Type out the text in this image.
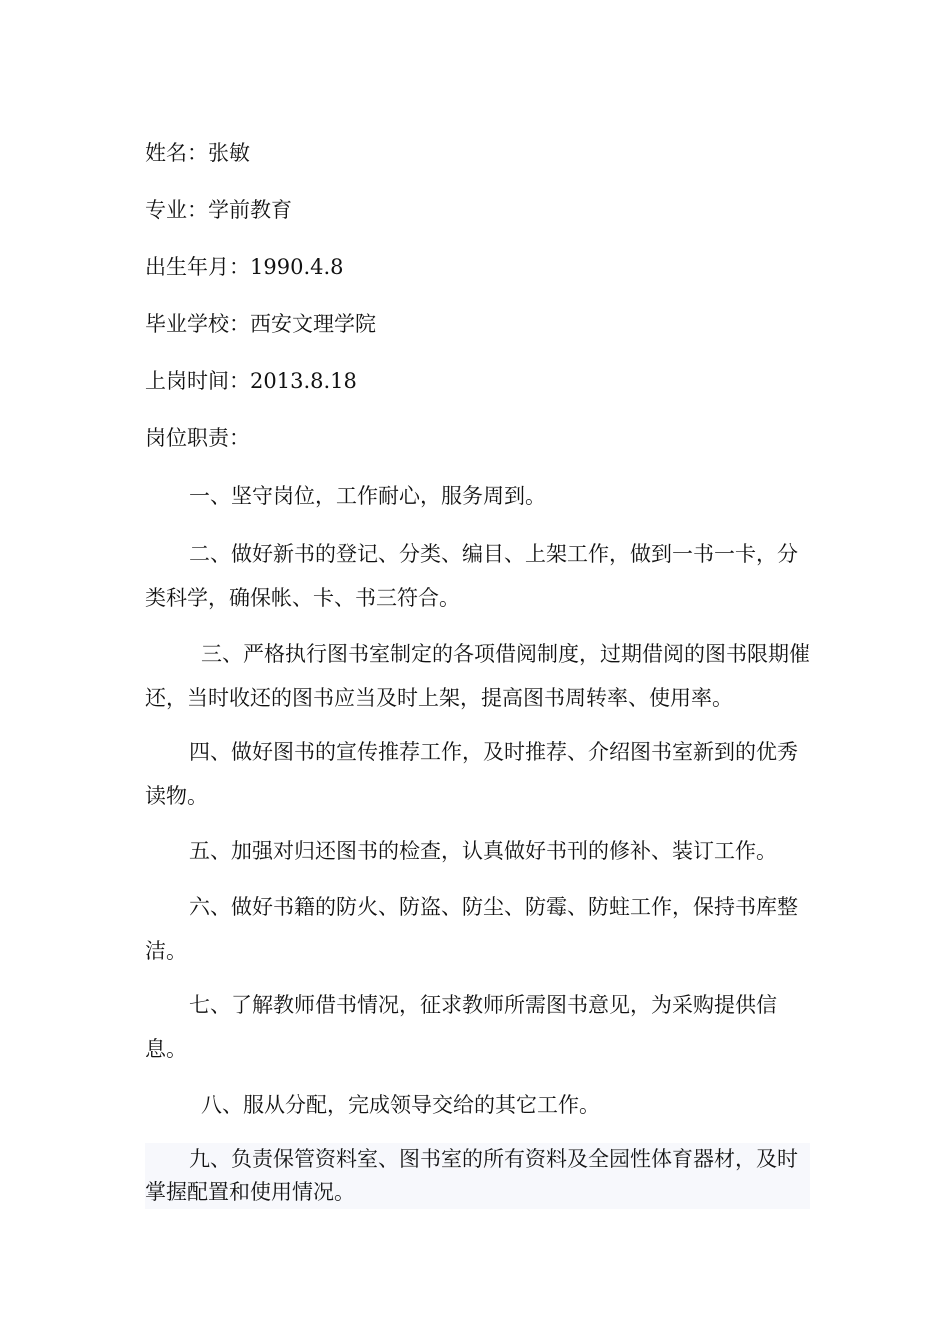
姓名：张敏
专业：学前教育
出生年月：1990.4.8
毕业学校：西安文理学院
上岗时间：2013.8.18
岗位职责：

一、坚守岗位，工作耐心，服务周到。

二、做好新书的登记、分类、编目、上架工作，做到一书一卡，分类科学，确保帐、卡、书三符合。

三、严格执行图书室制定的各项借阅制度，过期借阅的图书限期催还，当时收还的图书应当及时上架，提高图书周转率、使用率。

四、做好图书的宣传推荐工作，及时推荐、介绍图书室新到的优秀读物。

五、加强对归还图书的检查，认真做好书刊的修补、装订工作。

六、做好书籍的防火、防盗、防尘、防霉、防蛀工作，保持书库整洁。

七、了解教师借书情况，征求教师所需图书意见，为采购提供信息。

八、服从分配，完成领导交给的其它工作。

九、负责保管资料室、图书室的所有资料及全园性体育器材，及时掌握配置和使用情况。
